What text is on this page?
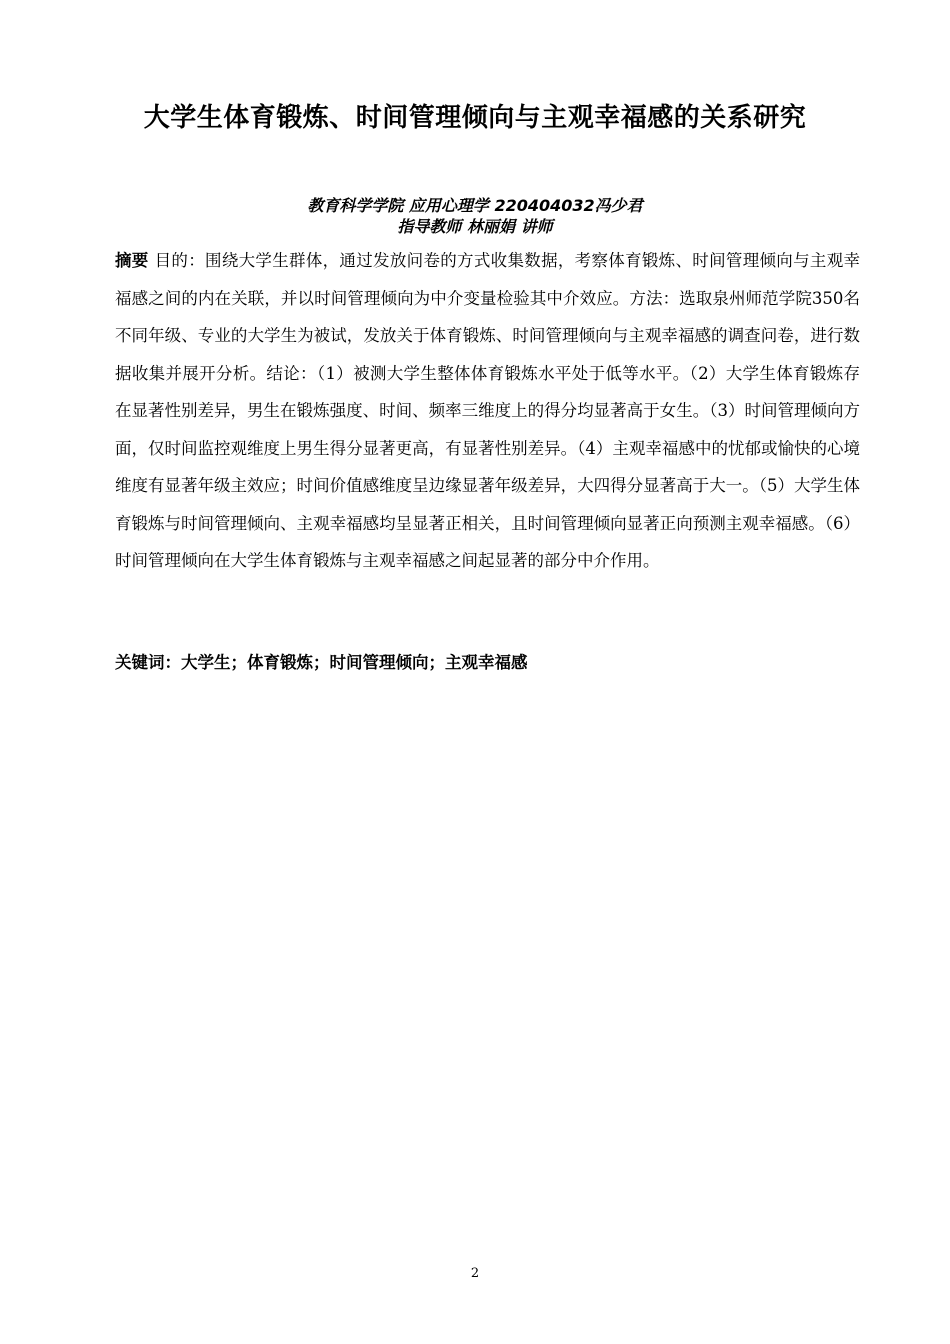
大学生体育锻炼、时间管理倾向与主观幸福感的关系研究
教育科学学院 应用心理学 220404032冯少君
指导教师 林丽娟 讲师

摘要 目的：围绕大学生群体，通过发放问卷的方式收集数据，考察体育锻炼、时间管理倾向与主观幸福感之间的内在关联，并以时间管理倾向为中介变量检验其中介效应。方法：选取泉州师范学院350名不同年级、专业的大学生为被试，发放关于体育锻炼、时间管理倾向与主观幸福感的调查问卷，进行数据收集并展开分析。结论：（1）被测大学生整体体育锻炼水平处于低等水平。（2）大学生体育锻炼存在显著性别差异，男生在锻炼强度、时间、频率三维度上的得分均显著高于女生。（3）时间管理倾向方面，仅时间监控观维度上男生得分显著更高，有显著性别差异。（4）主观幸福感中的忧郁或愉快的心境维度有显著年级主效应；时间价值感维度呈边缘显著年级差异，大四得分显著高于大一。（5）大学生体育锻炼与时间管理倾向、主观幸福感均呈显著正相关，且时间管理倾向显著正向预测主观幸福感。（6）时间管理倾向在大学生体育锻炼与主观幸福感之间起显著的部分中介作用。

关键词：大学生；体育锻炼；时间管理倾向；主观幸福感
2
